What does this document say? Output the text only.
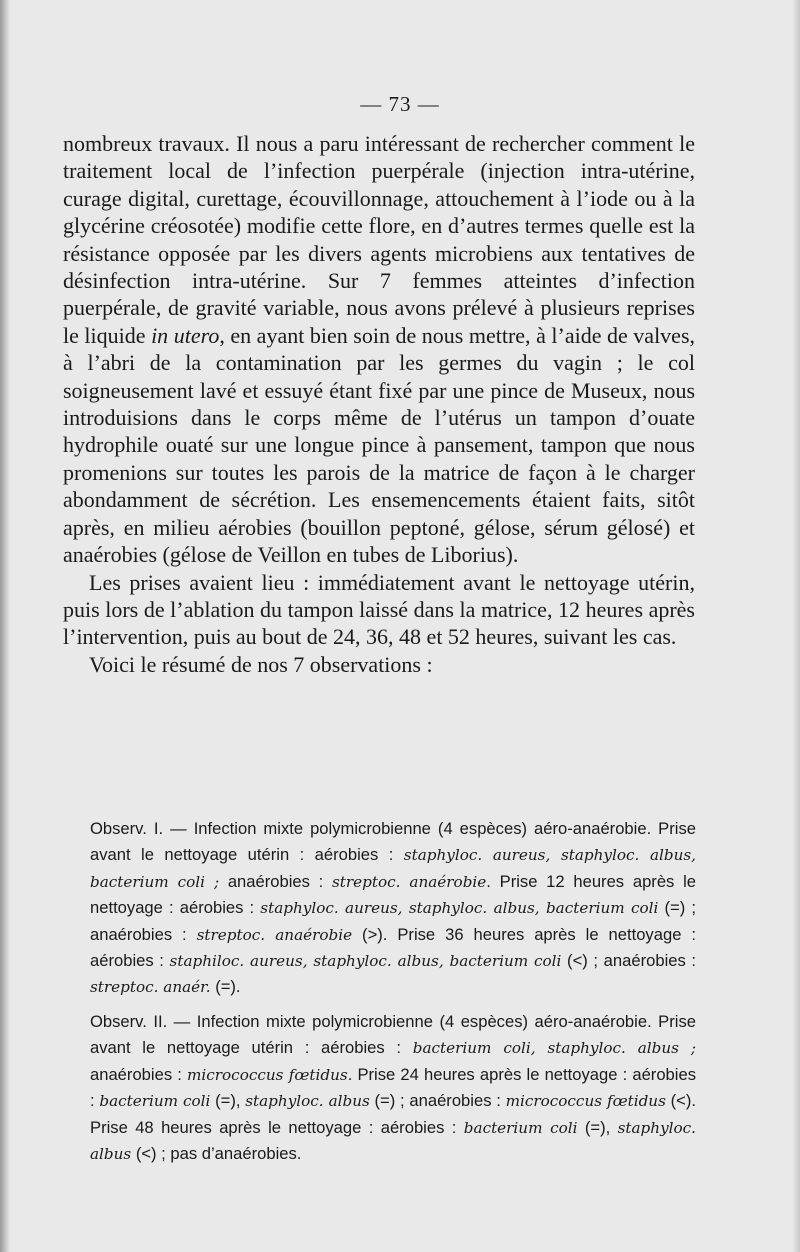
— 73 —

nombreux travaux. Il nous a paru intéressant de rechercher comment le traitement local de l’infection puerpérale (injection intra-utérine, curage digital, curettage, écouvillonnage, attouchement à l’iode ou à la glycérine créosotée) modifie cette flore, en d’autres termes quelle est la résistance opposée par les divers agents microbiens aux tentatives de désinfection intra-utérine. Sur 7 femmes atteintes d’infection puerpérale, de gravité variable, nous avons prélevé à plusieurs reprises le liquide in utero, en ayant bien soin de nous mettre, à l’aide de valves, à l’abri de la contamination par les germes du vagin ; le col soigneusement lavé et essuyé étant fixé par une pince de Museux, nous introduisions dans le corps même de l’utérus un tampon d’ouate hydrophile ouaté sur une longue pince à pansement, tampon que nous promenions sur toutes les parois de la matrice de façon à le charger abondamment de sécrétion. Les ensemencements étaient faits, sitôt après, en milieu aérobies (bouillon peptoné, gélose, sérum gélosé) et anaérobies (gélose de Veillon en tubes de Liborius).

Les prises avaient lieu : immédiatement avant le nettoyage utérin, puis lors de l’ablation du tampon laissé dans la matrice, 12 heures après l’intervention, puis au bout de 24, 36, 48 et 52 heures, suivant les cas.

Voici le résumé de nos 7 observations :

Observ. I. — Infection mixte polymicrobienne (4 espèces) aéro-anaérobie. Prise avant le nettoyage utérin : aérobies : staphyloc. aureus, staphyloc. albus, bacterium coli ; anaérobies : streptoc. anaérobie. Prise 12 heures après le nettoyage : aérobies : staphyloc. aureus, staphyloc. albus, bacterium coli (=) ; anaérobies : streptoc. anaérobie (>). Prise 36 heures après le nettoyage : aérobies : staphiloc. aureus, staphyloc. albus, bacterium coli (<) ; anaérobies : streptoc. anaér. (=).

Observ. II. — Infection mixte polymicrobienne (4 espèces) aéro-anaérobie. Prise avant le nettoyage utérin : aérobies : bacterium coli, staphyloc. albus ; anaérobies : micrococcus fœtidus. Prise 24 heures après le nettoyage : aérobies : bacterium coli (=), staphyloc. albus (=) ; anaérobies : micrococcus fœtidus (<). Prise 48 heures après le nettoyage : aérobies : bacterium coli (=), staphyloc. albus (<) ; pas d’anaérobies.
